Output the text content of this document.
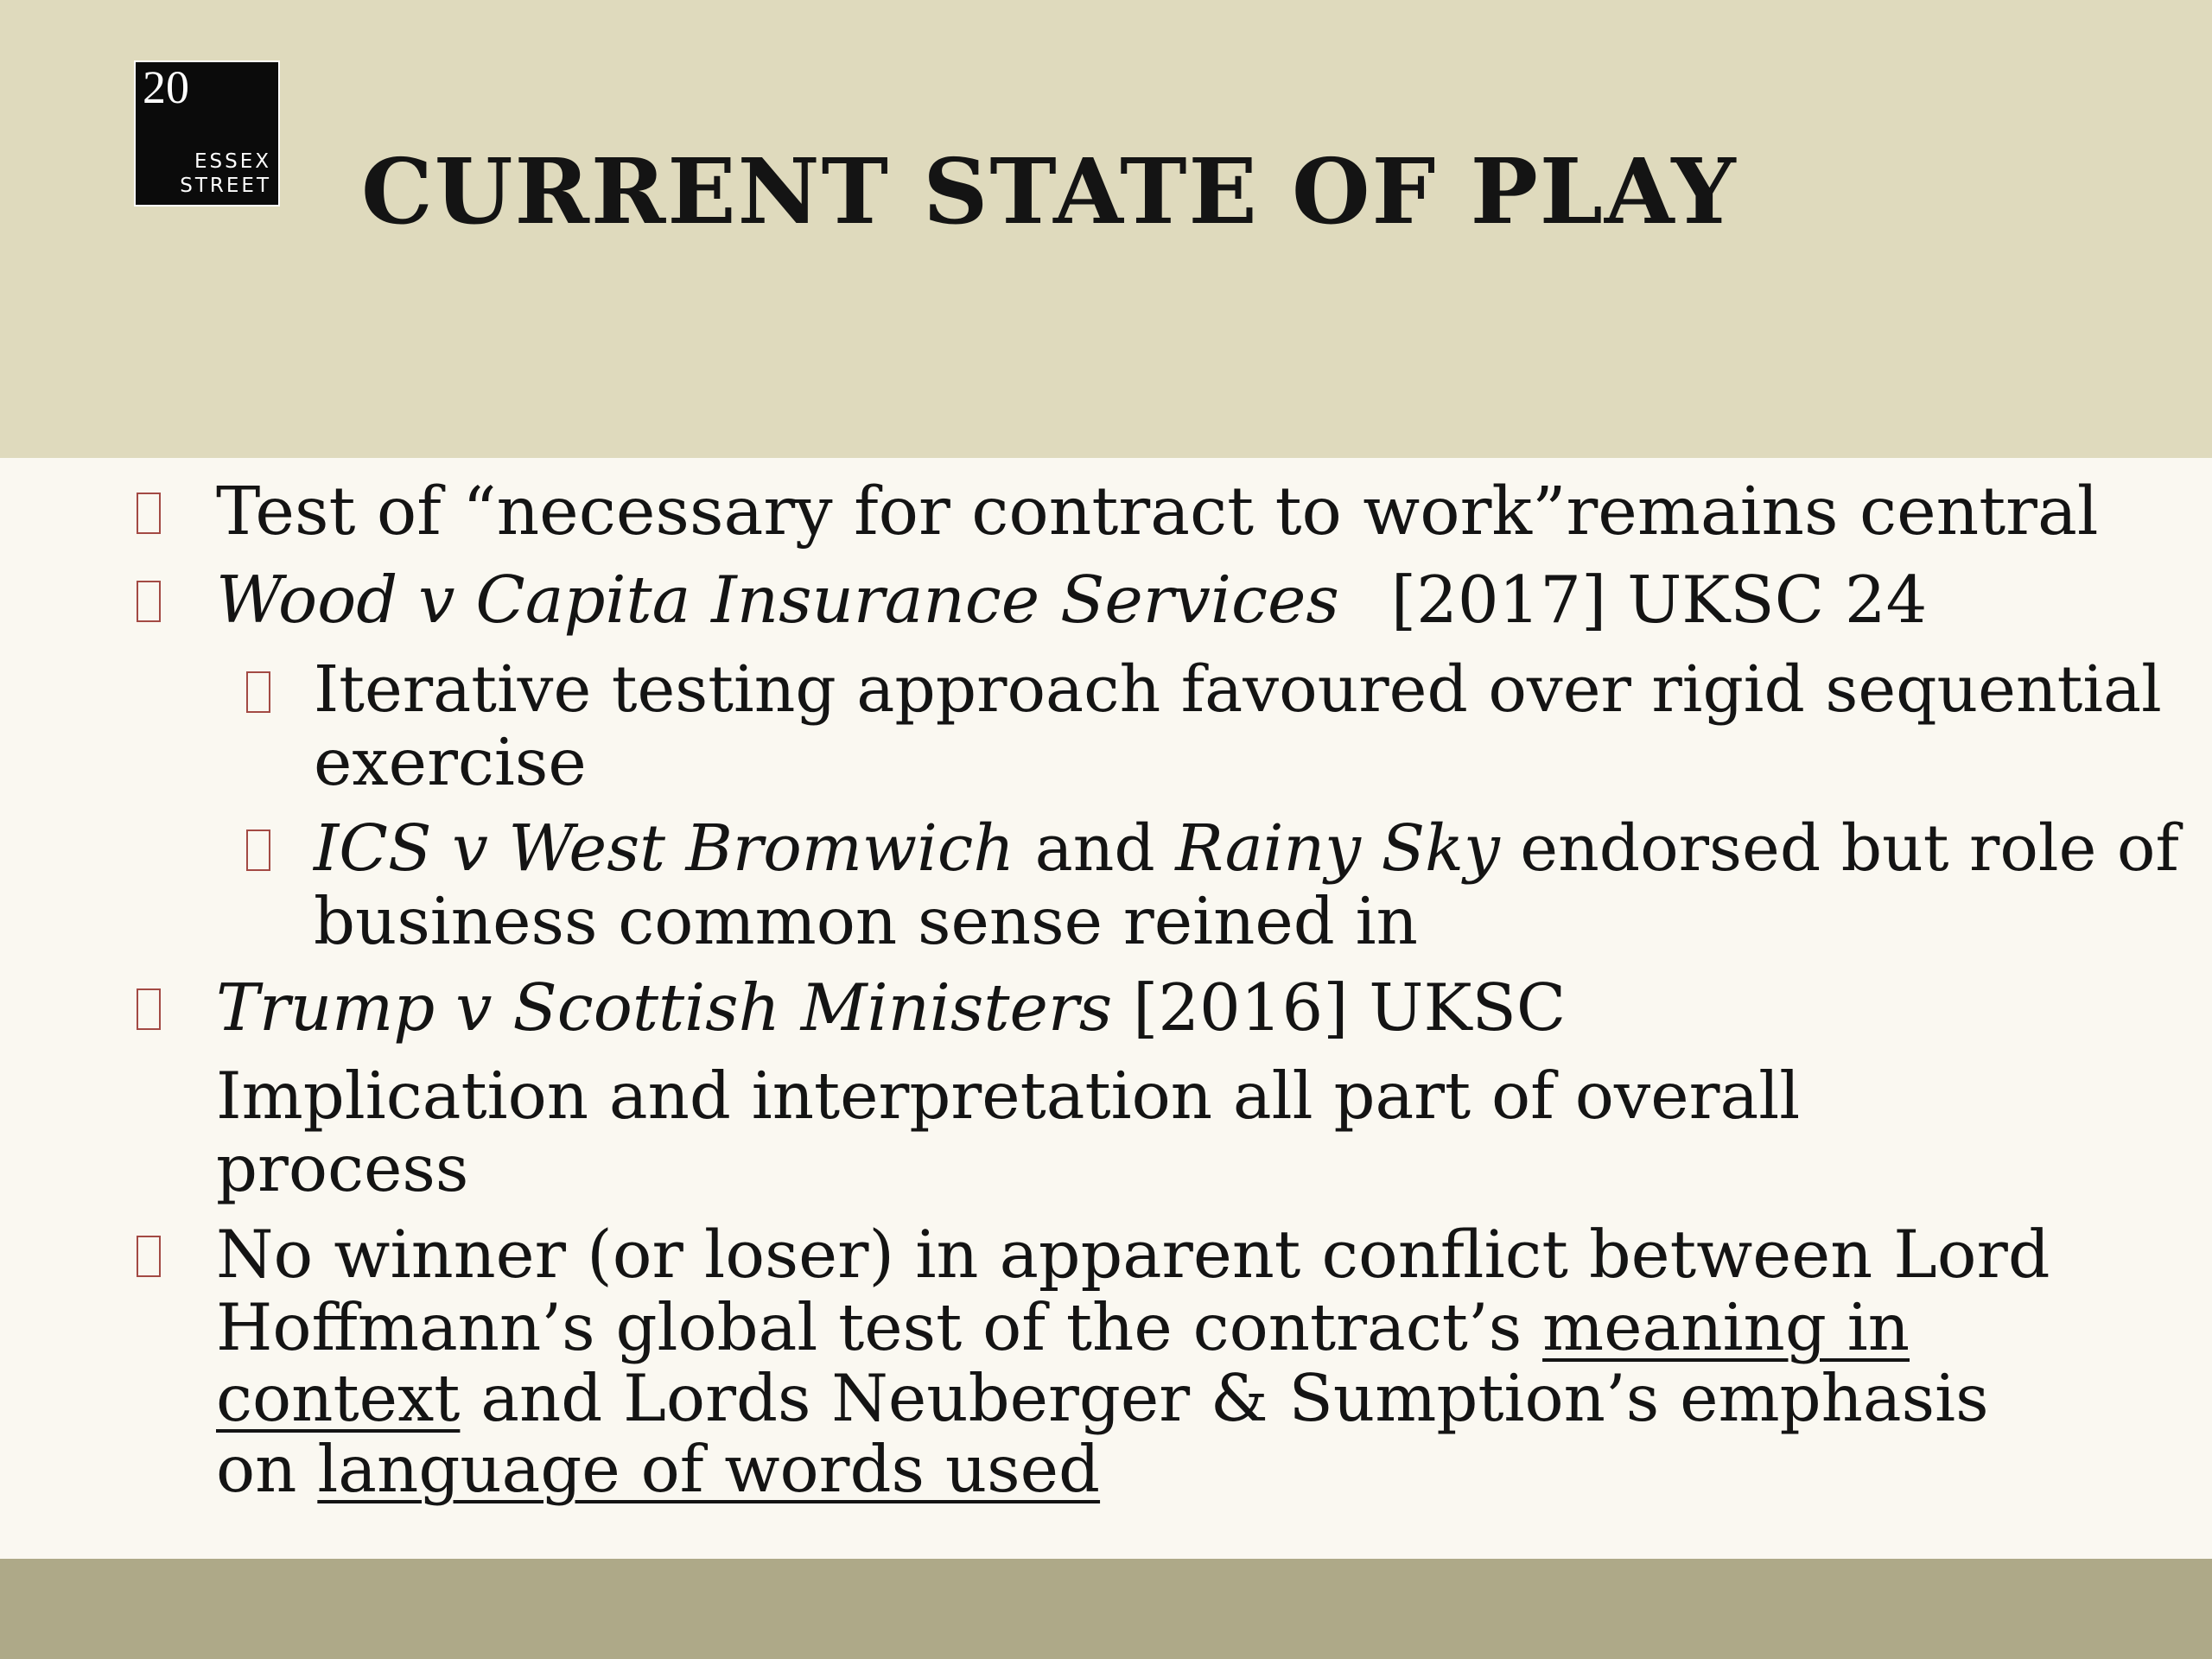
20
ESSEX
STREET CURRENT STATE OF PLAY
Test of “necessary for contract to work”remains central
Wood v Capita Insurance Services [2017] UKSC 24
Iterative testing approach favoured over rigid sequential
exercise
ICS v West Bromwich and Rainy Sky endorsed but role of
business common sense reined in
Trump v Scottish Ministers [2016] UKSC
Implication and interpretation all part of overall
process
No winner (or loser) in apparent conflict between Lord
Hoffmann’s global test of the contract’s meaning in
context and Lords Neuberger & Sumption’s emphasis
on language of words used
